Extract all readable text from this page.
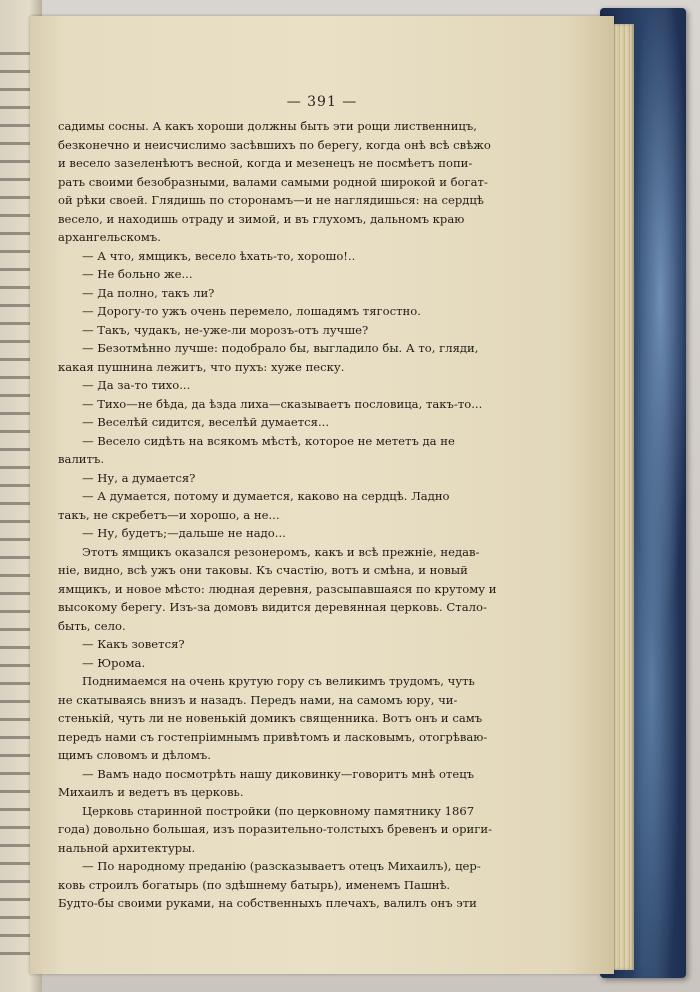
— 391 —
садимы сосны. А какъ хороши должны быть эти рощи лиственницъ,
безконечно и неисчислимо засѣвшихъ по берегу, когда онѣ всѣ свѣжо
и весело зазеленѣютъ весной, когда и мезенецъ не посмѣетъ попи-
рать своими безобразными, валами самыми родной широкой и богат-
ой рѣки своей. Глядишь по сторонамъ—и не наглядишься: на сердцѣ
весело, и находишь отраду и зимой, и въ глухомъ, дальномъ краю
архангельскомъ.
— А что, ямщикъ, весело ѣхать-то, хорошо!..
— Не больно же...
— Да полно, такъ ли?
— Дорогу-то ужъ очень перемело, лошадямъ тягостно.
— Такъ, чудакъ, не-уже-ли морозъ-отъ лучше?
— Безотмѣнно лучше: подобрало бы, выгладило бы. А то, гляди,
какая пушнина лежитъ, что пухъ: хуже песку.
— Да за-то тихо...
— Тихо—не бѣда, да ѣзда лиха—сказываетъ пословица, такъ-то...
— Веселѣй сидится, веселѣй думается...
— Весело сидѣть на всякомъ мѣстѣ, которое не мететъ да не
валитъ.
— Ну, а думается?
— А думается, потому и думается, каково на сердцѣ. Ладно
такъ, не скребетъ—и хорошо, а не...
— Ну, будетъ;—дальше не надо...
Этотъ ямщикъ оказался резонеромъ, какъ и всѣ прежніе, недав-
ніе, видно, всѣ ужъ они таковы. Къ счастію, вотъ и смѣна, и новый
ямщикъ, и новое мѣсто: людная деревня, разсыпавшаяся по крутому и
высокому берегу. Изъ-за домовъ видится деревянная церковь. Стало-
быть, село.
— Какъ зовется?
— Юрома.
Поднимаемся на очень крутую гору съ великимъ трудомъ, чуть
не скатываясь внизъ и назадъ. Передъ нами, на самомъ юру, чи-
стенькій, чуть ли не новенькій домикъ священника. Вотъ онъ и самъ
передъ нами съ гостепріимнымъ привѣтомъ и ласковымъ, отогрѣваю-
щимъ словомъ и дѣломъ.
— Вамъ надо посмотрѣть нашу диковинку—говоритъ мнѣ отецъ
Михаилъ и ведетъ въ церковь.
Церковь старинной постройки (по церковному памятнику 1867
года) довольно большая, изъ поразительно-толстыхъ бревенъ и ориги-
нальной архитектуры.
— По народному преданію (разсказываетъ отецъ Михаилъ), цер-
ковь строилъ богатырь (по здѣшнему батырь), именемъ Пашнѣ.
Будто-бы своими руками, на собственныхъ плечахъ, валилъ онъ эти
